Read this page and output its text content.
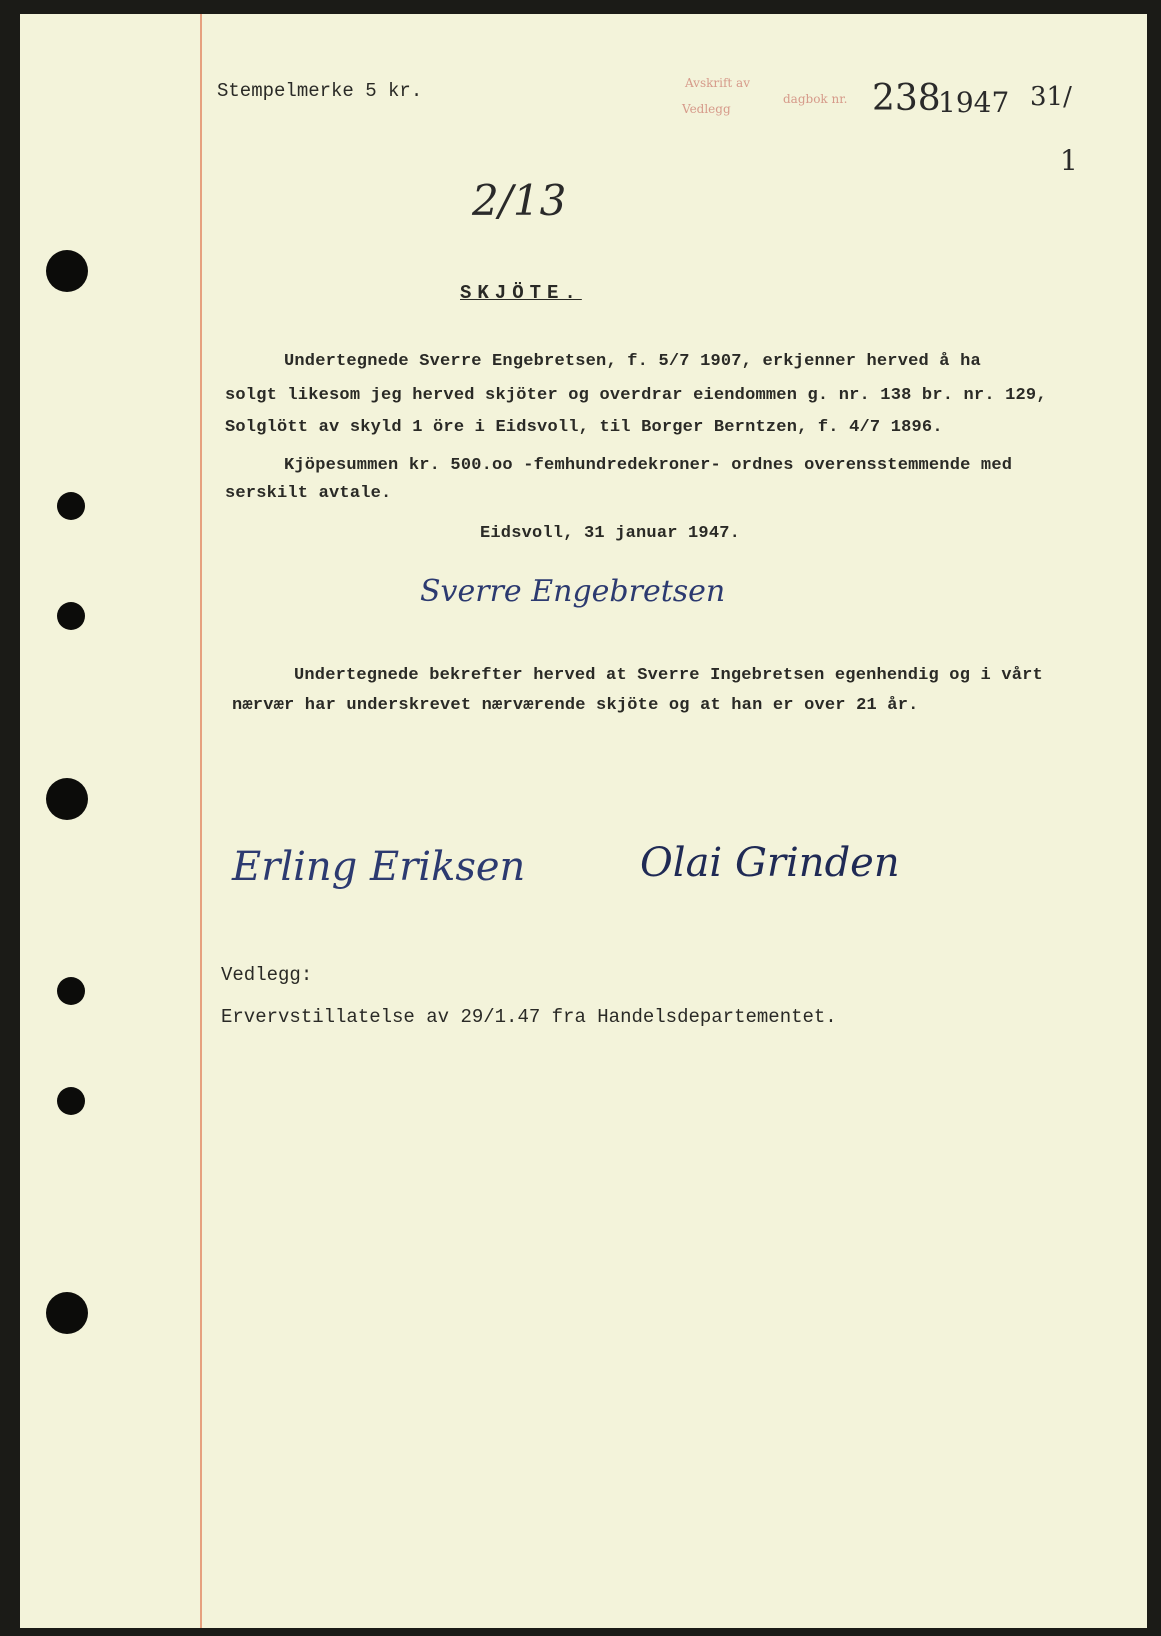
Stempelmerke 5 kr.	Avskrift av
Vedlegg
dagbok nr. 238
1947 31/
1
2/13
SKJÖTE.
Undertegnede Sverre Engebretsen, f. 5/7 1907, erkjenner herved å ha
solgt likesom jeg herved skjöter og overdrar eiendommen g. nr. 138 br. nr. 129,
Solglött av skyld 1 öre i Eidsvoll, til Borger Berntzen, f. 4/7 1896.
Kjöpesummen kr. 500.oo -femhundredekroner- ordnes overensstemmende med
serskilt avtale.
Eidsvoll, 31 januar 1947.
Sverre Engebretsen
Undertegnede bekrefter herved at Sverre Ingebretsen egenhendig og i vårt
nærvær har underskrevet nærværende skjöte og at han er over 21 år.
Erling Eriksen	Olai Grinden
Vedlegg:
Ervervstillatelse av 29/1.47 fra Handelsdepartementet.
